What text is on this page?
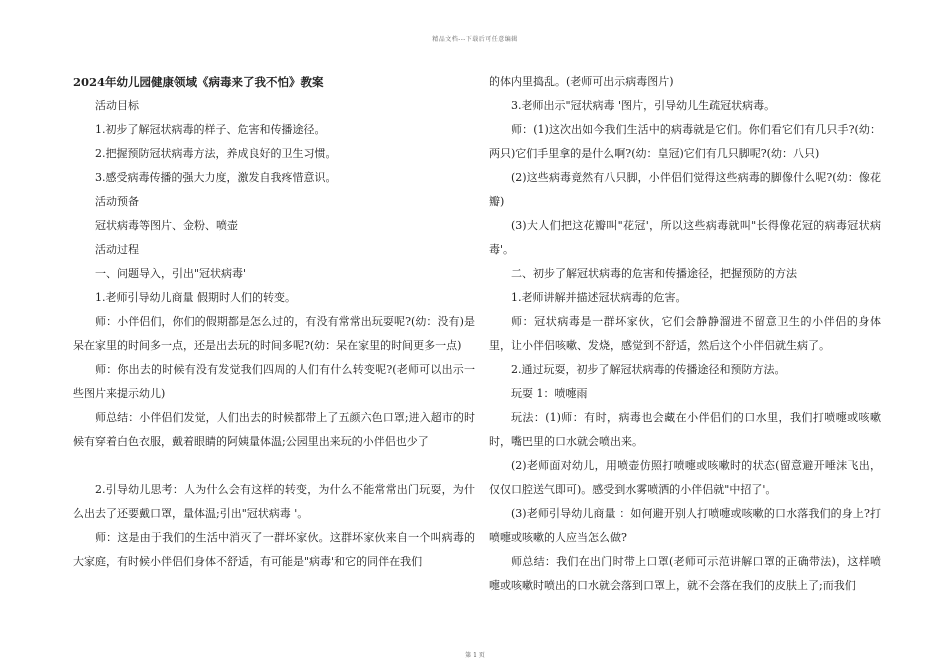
精品文档---下载后可任意编辑

2024年幼儿园健康领域《病毒来了我不怕》教案

活动目标

1.初步了解冠状病毒的样子、危害和传播途径。

2.把握预防冠状病毒方法，养成良好的卫生习惯。

3.感受病毒传播的强大力度，激发自我疼惜意识。

活动预备

冠状病毒等图片、金粉、喷壶

活动过程

一、问题导入，引出"冠状病毒'

1.老师引导幼儿商量 假期时人们的转变。

师：小伴侣们，你们的假期都是怎么过的，有没有常常出玩耍呢?(幼：没有)是呆在家里的时间多一点，还是出去玩的时间多呢?(幼：呆在家里的时间更多一点)

师：你出去的时候有没有发觉我们四周的人们有什么转变呢?(老师可以出示一些图片来提示幼儿)

师总结：小伴侣们发觉，人们出去的时候都带上了五颜六色口罩;进入超市的时候有穿着白色衣服，戴着眼睛的阿姨量体温;公园里出来玩的小伴侣也少了

2.引导幼儿思考：人为什么会有这样的转变，为什么不能常常出门玩耍，为什么出去了还要戴口罩，量体温;引出"冠状病毒 '。

师：这是由于我们的生活中消灭了一群坏家伙。这群坏家伙来自一个叫病毒的大家庭，有时候小伴侣们身体不舒适，有可能是"病毒'和它的同伴在我们

的体内里捣乱。(老师可出示病毒图片)

3.老师出示"冠状病毒 '图片，引导幼儿生疏冠状病毒。

师：(1)这次出如今我们生活中的病毒就是它们。你们看它们有几只手?(幼：两只)它们手里拿的是什么啊?(幼：皇冠)它们有几只脚呢?(幼：八只)

(2)这些病毒竟然有八只脚，小伴侣们觉得这些病毒的脚像什么呢?(幼：像花瓣)

(3)大人们把这花瓣叫"花冠'，所以这些病毒就叫"长得像花冠的病毒冠状病毒'。

二、初步了解冠状病毒的危害和传播途径，把握预防的方法

1.老师讲解并描述冠状病毒的危害。

师：冠状病毒是一群坏家伙，它们会静静溜进不留意卫生的小伴侣的身体里，让小伴侣咳嗽、发烧，感觉到不舒适，然后这个小伴侣就生病了。

2.通过玩耍，初步了解冠状病毒的传播途径和预防方法。

玩耍 1：喷嚏雨

玩法：(1)师：有时，病毒也会藏在小伴侣们的口水里，我们打喷嚏或咳嗽时，嘴巴里的口水就会喷出来。

(2)老师面对幼儿，用喷壶仿照打喷嚏或咳嗽时的状态(留意避开唾沫飞出，仅仅口腔送气即可)。感受到水雾喷洒的小伴侣就"中招了'。

(3)老师引导幼儿商量 ：如何避开别人打喷嚏或咳嗽的口水落我们的身上?打喷嚏或咳嗽的人应当怎么做?

师总结：我们在出门时带上口罩(老师可示范讲解口罩的正确带法)，这样喷嚏或咳嗽时喷出的口水就会落到口罩上，就不会落在我们的皮肤上了;而我们

第 1 页
